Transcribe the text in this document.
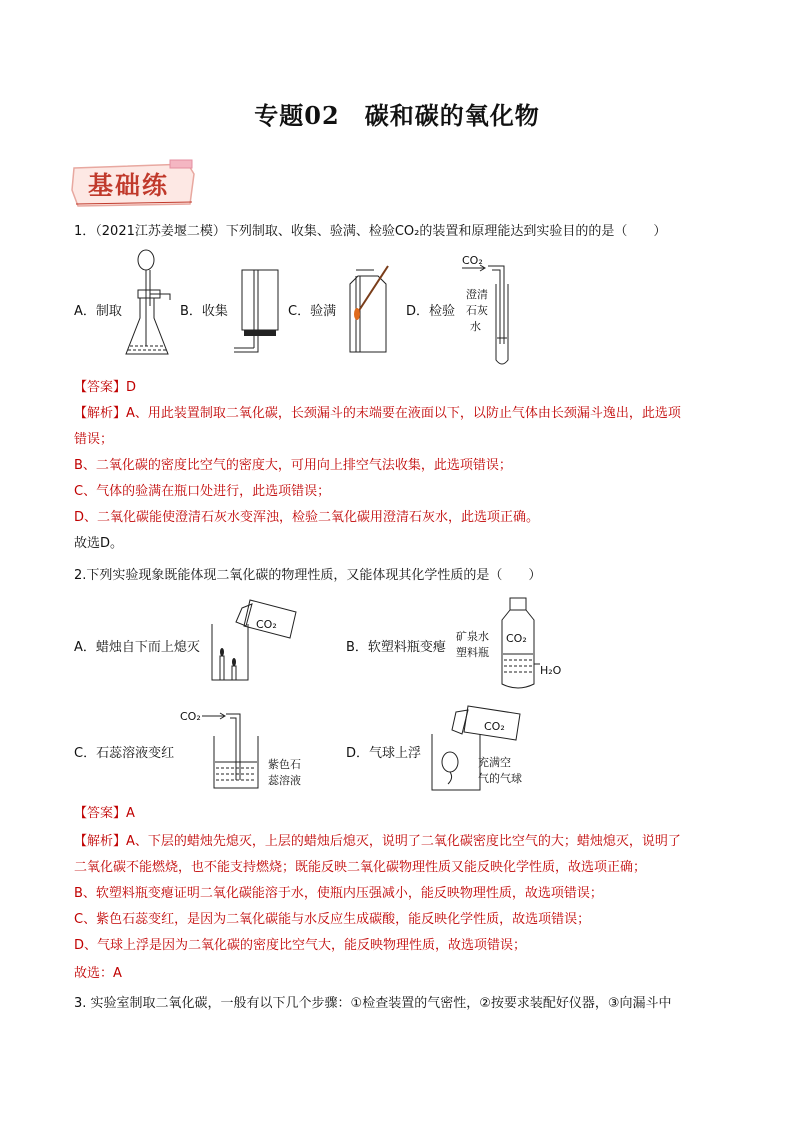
专题02　碳和碳的氧化物
基础练
1．（2021江苏姜堰二模）下列制取、收集、验满、检验CO₂的装置和原理能达到实验目的的是（　　）
A．制取	B．收集	C．验满	D．检验
CO₂
澄清
石灰
水
【答案】D
【解析】A、用此装置制取二氧化碳，长颈漏斗的末端要在液面以下，以防止气体由长颈漏斗逸出，此选项
错误；
B、二氧化碳的密度比空气的密度大，可用向上排空气法收集，此选项错误；
C、气体的验满在瓶口处进行，此选项错误；
D、二氧化碳能使澄清石灰水变浑浊，检验二氧化碳用澄清石灰水，此选项正确。
故选D。
2.下列实验现象既能体现二氧化碳的物理性质，又能体现其化学性质的是（　　）
A．蜡烛自下而上熄灭
CO₂
B．软塑料瓶变瘪
矿泉水
塑料瓶
CO₂
H₂O
C．石蕊溶液变红
CO₂
紫色石
蕊溶液
D．气球上浮
CO₂
充满空
气的气球
【答案】A
【解析】A、下层的蜡烛先熄灭，上层的蜡烛后熄灭，说明了二氧化碳密度比空气的大；蜡烛熄灭，说明了
二氧化碳不能燃烧，也不能支持燃烧；既能反映二氧化碳物理性质又能反映化学性质，故选项正确；
B、软塑料瓶变瘪证明二氧化碳能溶于水，使瓶内压强减小，能反映物理性质，故选项错误；
C、紫色石蕊变红，是因为二氧化碳能与水反应生成碳酸，能反映化学性质，故选项错误；
D、气球上浮是因为二氧化碳的密度比空气大，能反映物理性质，故选项错误；
故选：A
3. 实验室制取二氧化碳，一般有以下几个步骤：①检查装置的气密性，②按要求装配好仪器，③向漏斗中
